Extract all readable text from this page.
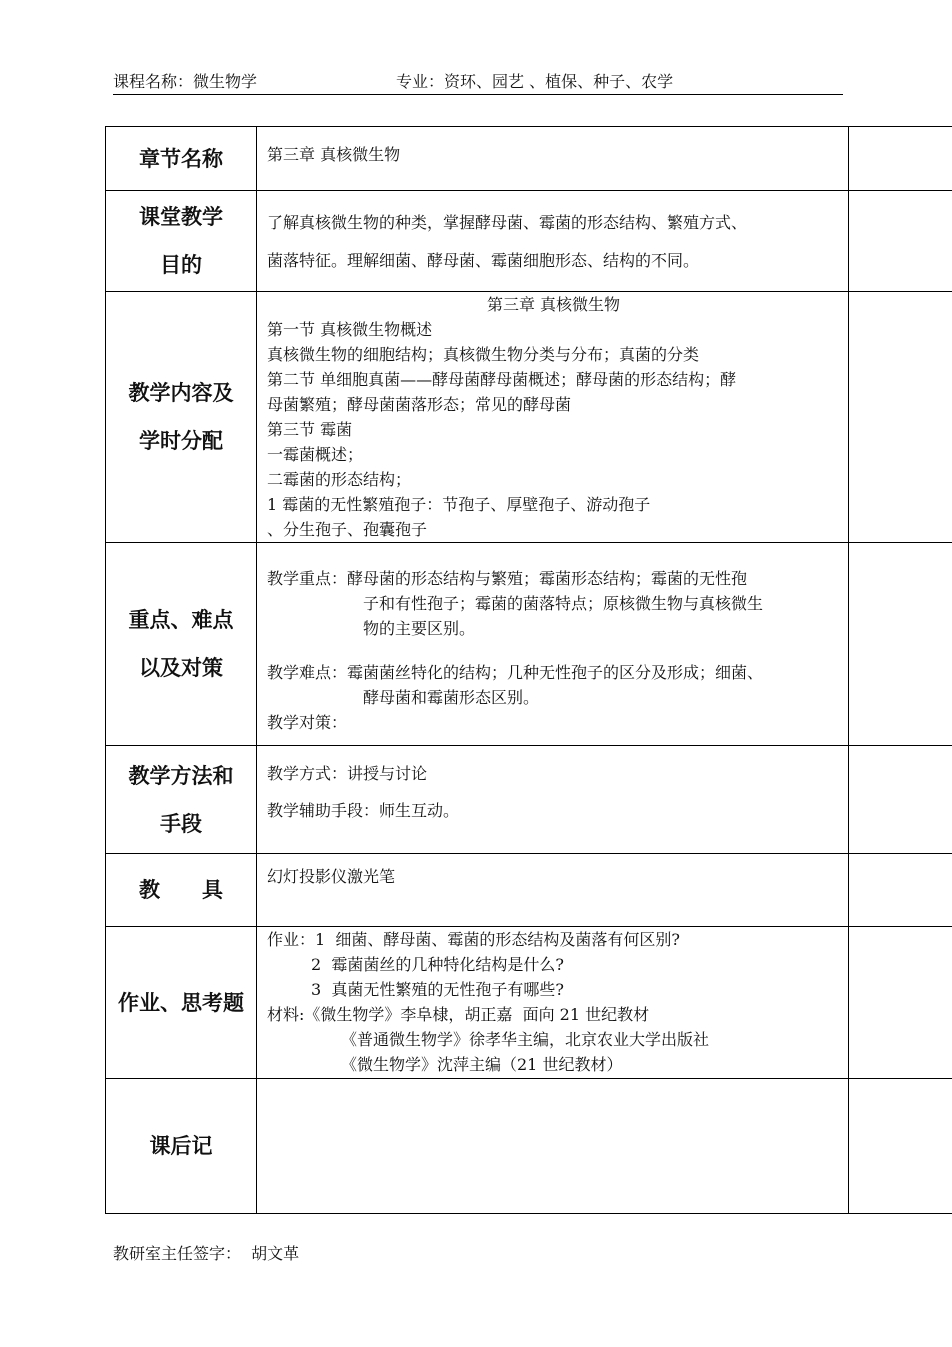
课程名称：微生物学	专业：资环、园艺 、植保、种子、农学
章节名称	第三章 真核微生物
课堂教学
目的
了解真核微生物的种类，掌握酵母菌、霉菌的形态结构、繁殖方式、
菌落特征。理解细菌、酵母菌、霉菌细胞形态、结构的不同。
教学内容及
学时分配
第三章 真核微生物
第一节 真核微生物概述
真核微生物的细胞结构；真核微生物分类与分布；真菌的分类
第二节 单细胞真菌——酵母菌酵母菌概述；酵母菌的形态结构；酵
母菌繁殖；酵母菌菌落形态；常见的酵母菌
第三节 霉菌
一霉菌概述；
二霉菌的形态结构；
1 霉菌的无性繁殖孢子：节孢子、厚壁孢子、游动孢子
、分生孢子、孢囊孢子
重点、难点
以及对策
教学重点：酵母菌的形态结构与繁殖；霉菌形态结构；霉菌的无性孢
子和有性孢子；霉菌的菌落特点；原核微生物与真核微生
物的主要区别。
教学难点：霉菌菌丝特化的结构；几种无性孢子的区分及形成；细菌、
酵母菌和霉菌形态区别。
教学对策：
教学方法和
手段
教学方式：讲授与讨论
教学辅助手段：师生互动。
教　　具
幻灯投影仪激光笔
作业、思考题
作业：1  细菌、酵母菌、霉菌的形态结构及菌落有何区别?
2  霉菌菌丝的几种特化结构是什么?
3  真菌无性繁殖的无性孢子有哪些?
材料:《微生物学》李阜棣，胡正嘉  面向 21 世纪教材
《普通微生物学》徐孝华主编，北京农业大学出版社
《微生物学》沈萍主编（21 世纪教材）
课后记
教研室主任签字：  胡文革
